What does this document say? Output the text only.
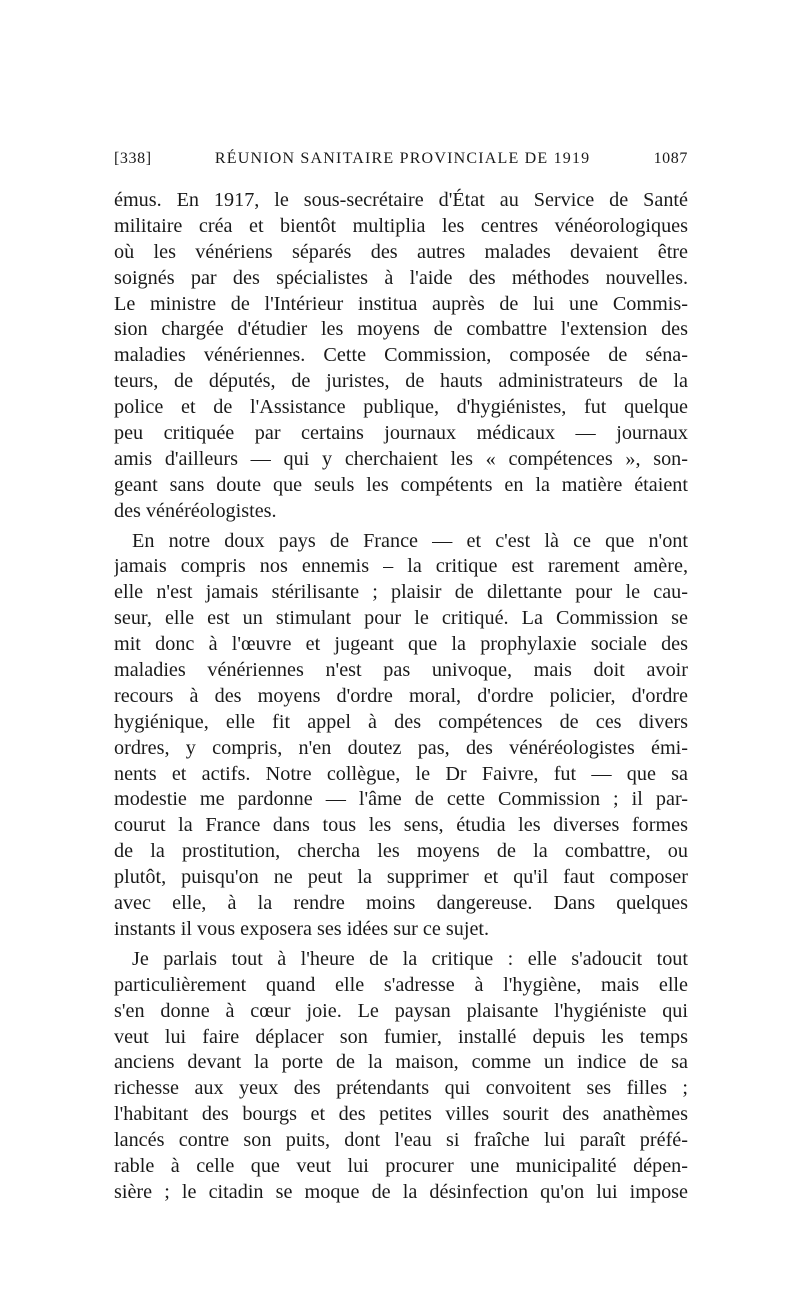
[338]	RÉUNION SANITAIRE PROVINCIALE DE 1919	1087
émus. En 1917, le sous-secrétaire d'État au Service de Santé
militaire créa et bientôt multiplia les centres vénéorologiques
où les vénériens séparés des autres malades devaient être
soignés par des spécialistes à l'aide des méthodes nouvelles.
Le ministre de l'Intérieur institua auprès de lui une Commis-
sion chargée d'étudier les moyens de combattre l'extension des
maladies vénériennes. Cette Commission, composée de séna-
teurs, de députés, de juristes, de hauts administrateurs de la
police et de l'Assistance publique, d'hygiénistes, fut quelque
peu critiquée par certains journaux médicaux — journaux
amis d'ailleurs — qui y cherchaient les « compétences », son-
geant sans doute que seuls les compétents en la matière étaient
des vénéréologistes.
En notre doux pays de France — et c'est là ce que n'ont
jamais compris nos ennemis – la critique est rarement amère,
elle n'est jamais stérilisante ; plaisir de dilettante pour le cau-
seur, elle est un stimulant pour le critiqué. La Commission se
mit donc à l'œuvre et jugeant que la prophylaxie sociale des
maladies vénériennes n'est pas univoque, mais doit avoir
recours à des moyens d'ordre moral, d'ordre policier, d'ordre
hygiénique, elle fit appel à des compétences de ces divers
ordres, y compris, n'en doutez pas, des vénéréologistes émi-
nents et actifs. Notre collègue, le Dr Faivre, fut — que sa
modestie me pardonne — l'âme de cette Commission ; il par-
courut la France dans tous les sens, étudia les diverses formes
de la prostitution, chercha les moyens de la combattre, ou
plutôt, puisqu'on ne peut la supprimer et qu'il faut composer
avec elle, à la rendre moins dangereuse. Dans quelques
instants il vous exposera ses idées sur ce sujet.
Je parlais tout à l'heure de la critique : elle s'adoucit tout
particulièrement quand elle s'adresse à l'hygiène, mais elle
s'en donne à cœur joie. Le paysan plaisante l'hygiéniste qui
veut lui faire déplacer son fumier, installé depuis les temps
anciens devant la porte de la maison, comme un indice de sa
richesse aux yeux des prétendants qui convoitent ses filles ;
l'habitant des bourgs et des petites villes sourit des anathèmes
lancés contre son puits, dont l'eau si fraîche lui paraît préfé-
rable à celle que veut lui procurer une municipalité dépen-
sière ; le citadin se moque de la désinfection qu'on lui impose
